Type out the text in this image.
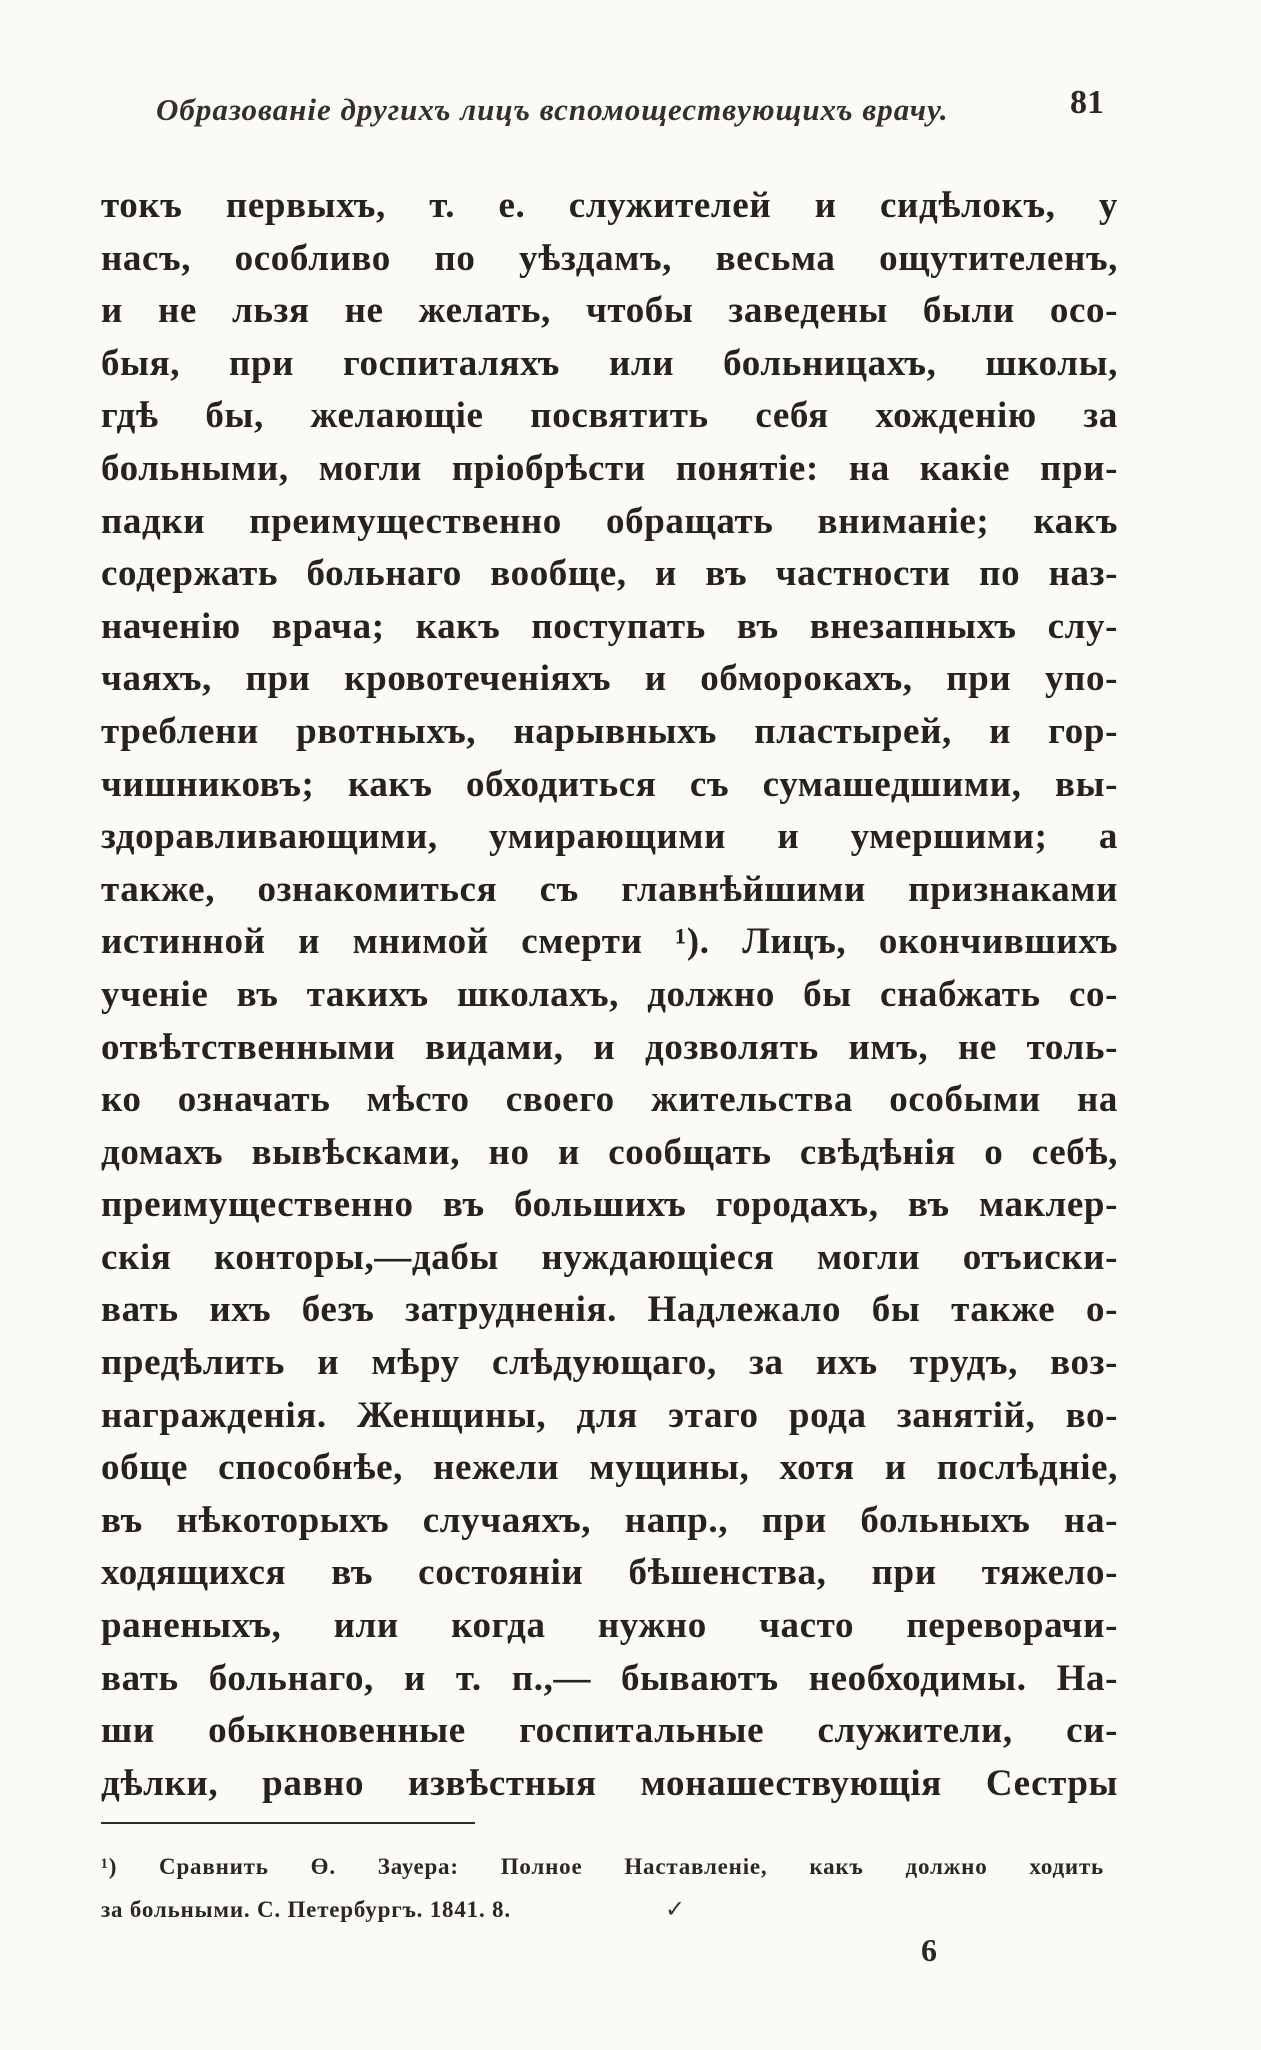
Образованіе другихъ лицъ вспомоществующихъ врачу.	81
токъ первыхъ, т. е. служителей и сидѣлокъ, у
насъ, особливо по уѣздамъ, весьма ощутителенъ,
и не льзя не желать, чтобы заведены были осо-
быя, при госпиталяхъ или больницахъ, школы,
гдѣ бы, желающіе посвятить себя хожденію за
больными, могли пріобрѣсти понятіе: на какіе при-
падки преимущественно обращать вниманіе; какъ
содержать больнаго вообще, и въ частности по наз-
наченію врача; какъ поступать въ внезапныхъ слу-
чаяхъ, при кровотеченіяхъ и обморокахъ, при упо-
треблени рвотныхъ, нарывныхъ пластырей, и гор-
чишниковъ; какъ обходиться съ сумашедшими, вы-
здоравливающими, умирающими и умершими; а
также, ознакомиться съ главнѣйшими признаками
истинной и мнимой смерти ¹). Лицъ, окончившихъ
ученіе въ такихъ школахъ, должно бы снабжать со-
отвѣтственными видами, и дозволять имъ, не толь-
ко означать мѣсто своего жительства особыми на
домахъ вывѣсками, но и сообщать свѣдѣнія о себѣ,
преимущественно въ большихъ городахъ, въ маклер-
скія конторы,—дабы нуждающіеся могли отъиски-
вать ихъ безъ затрудненія. Надлежало бы также о-
предѣлить и мѣру слѣдующаго, за ихъ трудъ, воз-
награжденія. Женщины, для этаго рода занятій, во-
обще способнѣе, нежели мущины, хотя и послѣдніе,
въ нѣкоторыхъ случаяхъ, напр., при больныхъ на-
ходящихся въ состояніи бѣшенства, при тяжело-
раненыхъ, или когда нужно часто переворачи-
вать больнаго, и т. п.,— бываютъ необходимы. На-
ши обыкновенные госпитальные служители, си-
дѣлки, равно извѣстныя монашествующія Сестры
¹) Сравнить Ө. Зауера: Полное Наставленіе, какъ должно ходить
за больными. С. Петербургъ. 1841. 8.	✓
6
